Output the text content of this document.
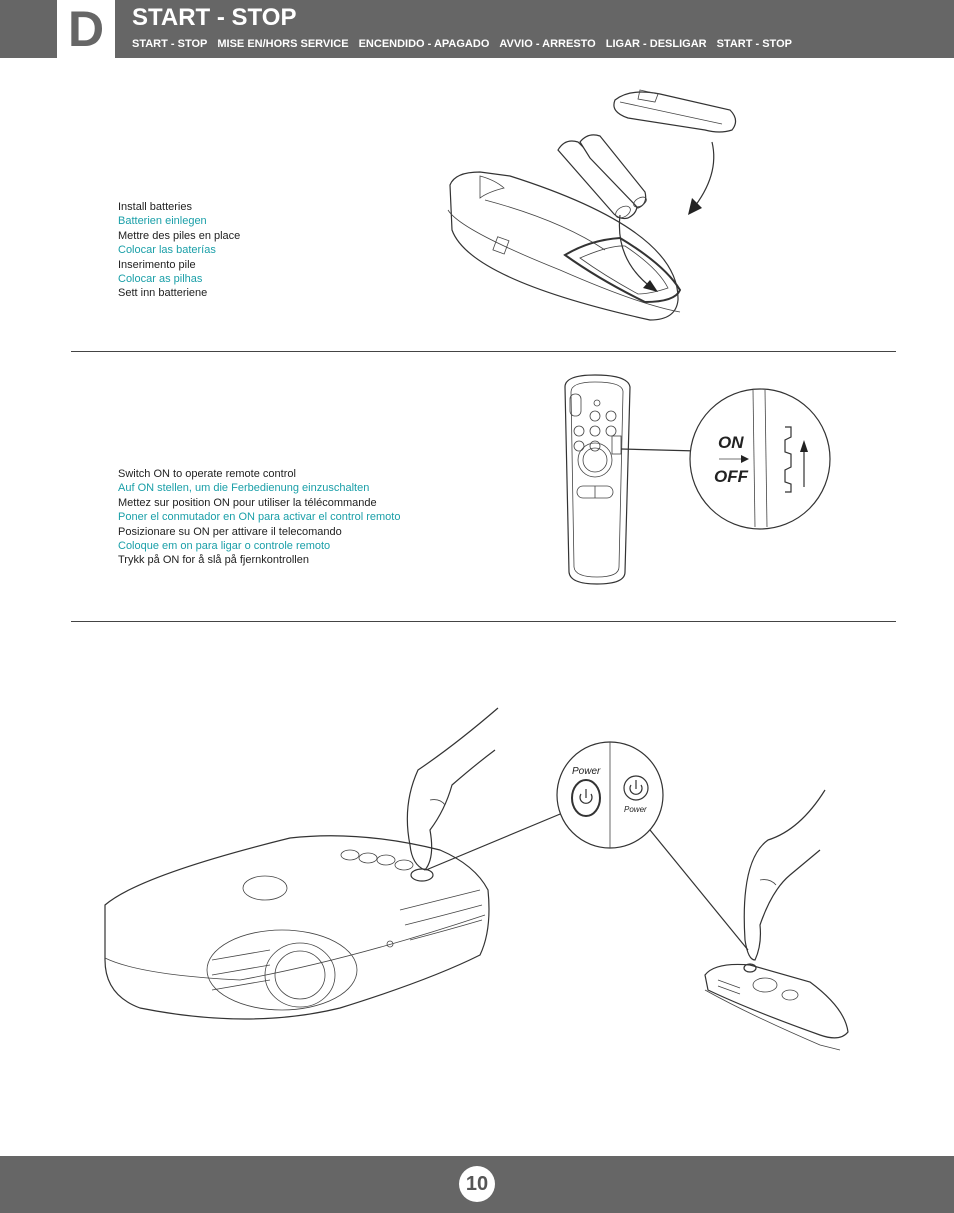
D START - STOP
START - STOP MISE EN/HORS SERVICE ENCENDIDO - APAGADO AVVIO - ARRESTO LIGAR - DESLIGAR START - STOP
Install batteries
Batterien einlegen
Mettre des piles en place
Colocar las baterías
Inserimento pile
Colocar as pilhas
Sett inn batteriene
Switch ON to operate remote control
Auf ON stellen, um die Ferbedienung einzuschalten
Mettez sur position ON pour utiliser la télécommande
Poner el conmutador en ON para activar el control remoto
Posizionare su ON per attivare il telecomando
Coloque em on para ligar o controle remoto
Trykk på ON for å slå på fjernkontrollen
ON
OFF
Power
Power
10
